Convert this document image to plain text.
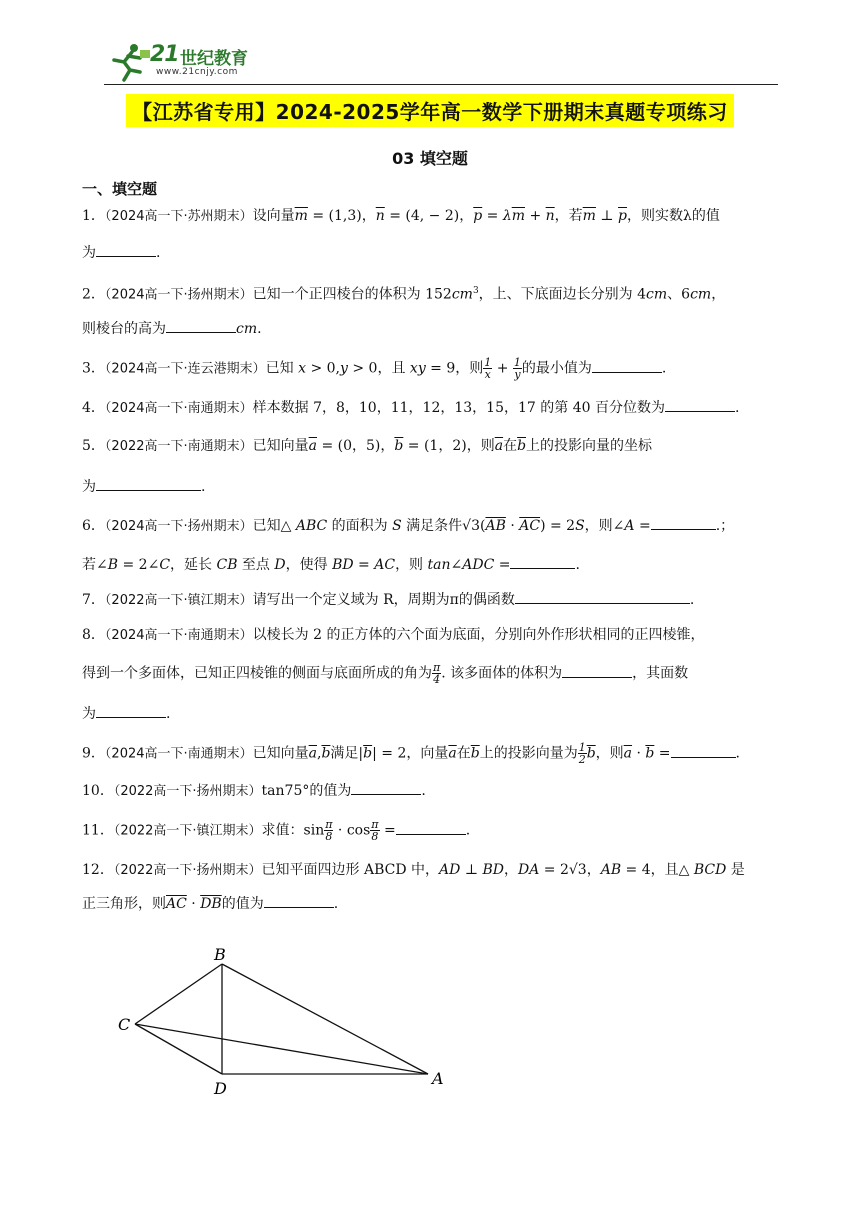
21 世纪教育
www.21cnjy.com
【江苏省专用】2024-2025学年高一数学下册期末真题专项练习
03 填空题
一、填空题
1．（2024高一下·苏州期末）设向量$\overline{m} = (1,3)$，$\overline{n} = (4$, − 2)，$\overline{p} = \lambda\overline{m} + \overline{n}$，若$\overline{m}$ ⊥ $\overline{p}$，则实数λ的值
为	.
2．（2024高一下·扬州期末）已知一个正四棱台的体积为 $152cm^3$，上、下底面边长分别为 4cm、6cm，
则棱台的高为	cm.
3．（2024高一下·连云港期末）已知 x > 0,y > 0，且 xy = 9，则 $\frac{1}{x} + \frac{1}{y}$ 的最小值为	.
4．（2024高一下·南通期末）样本数据 7，8，10，11，12，13，15，17 的第 40 百分位数为	.
5．（2022高一下·南通期末）已知向量$\overline{a} = (0$，5)，$\overline{b} = (1$，2)，则$\overline{a}$在$\overline{b}$上的投影向量的坐标
为	.
6．（2024高一下·扬州期末）已知△ ABC 的面积为 S 满足条件$√3(\overline{AB} \cdot \overline{AC}) = 2S$，则∠A =	.；
若∠B = 2∠C，延长 CB 至点 D，使得 BD = AC，则 tan∠ADC =	.
7．（2022高一下·镇江期末）请写出一个定义域为 R，周期为π的偶函数	.
8．（2024高一下·南通期末）以棱长为 2 的正方体的六个面为底面，分别向外作形状相同的正四棱锥，
得到一个多面体，已知正四棱锥的侧面与底面所成的角为 $\frac{\pi}{4}$ . 该多面体的体积为	，其面数
为	.
9．（2024高一下·南通期末）已知向量$\overline{a},\overline{b}$满足$|\overline{b}| = 2$，向量$\overline{a}$在$\overline{b}$上的投影向量为 $\frac{1}{2} \overline{b}$，则$\overline{a} \cdot \overline{b}$ =	.
10．（2022高一下·扬州期末）tan75°的值为	.
11．（2022高一下·镇江期末）求值：$\sin \frac{\pi}{8} \cdot \cos \frac{\pi}{8}$ =	.
12．（2022高一下·扬州期末）已知平面四边形 ABCD 中，AD ⊥ BD，DA = 2√3，AB = 4，且△ BCD 是
正三角形，则$\overline{AC} \cdot \overline{DB}$的值为	.
B
C
D
A
